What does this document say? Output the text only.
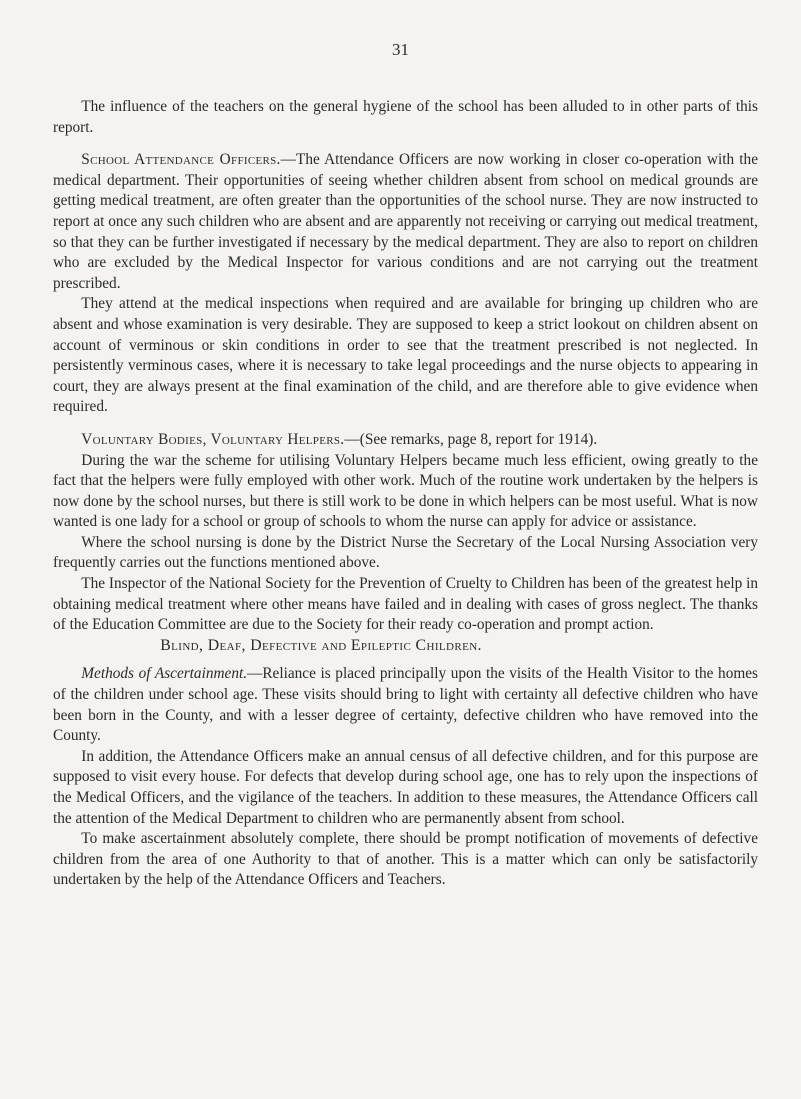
31

The influence of the teachers on the general hygiene of the school has been alluded to in other parts of this report.

School Attendance Officers.—The Attendance Officers are now working in closer co-operation with the medical department. Their opportunities of seeing whether children absent from school on medical grounds are getting medical treatment, are often greater than the opportunities of the school nurse. They are now instructed to report at once any such children who are absent and are apparently not receiving or carrying out medical treatment, so that they can be further investigated if necessary by the medical department. They are also to report on children who are excluded by the Medical Inspector for various conditions and are not carrying out the treatment prescribed.

They attend at the medical inspections when required and are available for bringing up children who are absent and whose examination is very desirable. They are supposed to keep a strict lookout on children absent on account of verminous or skin conditions in order to see that the treatment prescribed is not neglected. In persistently verminous cases, where it is necessary to take legal proceedings and the nurse objects to appearing in court, they are always present at the final examination of the child, and are therefore able to give evidence when required.

Voluntary Bodies, Voluntary Helpers.—(See remarks, page 8, report for 1914).

During the war the scheme for utilising Voluntary Helpers became much less efficient, owing greatly to the fact that the helpers were fully employed with other work. Much of the routine work undertaken by the helpers is now done by the school nurses, but there is still work to be done in which helpers can be most useful. What is now wanted is one lady for a school or group of schools to whom the nurse can apply for advice or assistance.

Where the school nursing is done by the District Nurse the Secretary of the Local Nursing Association very frequently carries out the functions mentioned above.

The Inspector of the National Society for the Prevention of Cruelty to Children has been of the greatest help in obtaining medical treatment where other means have failed and in dealing with cases of gross neglect. The thanks of the Education Committee are due to the Society for their ready co-operation and prompt action.

Blind, Deaf, Defective and Epileptic Children.

Methods of Ascertainment.—Reliance is placed principally upon the visits of the Health Visitor to the homes of the children under school age. These visits should bring to light with certainty all defective children who have been born in the County, and with a lesser degree of certainty, defective children who have removed into the County.

In addition, the Attendance Officers make an annual census of all defective children, and for this purpose are supposed to visit every house. For defects that develop during school age, one has to rely upon the inspections of the Medical Officers, and the vigilance of the teachers. In addition to these measures, the Attendance Officers call the attention of the Medical Department to children who are permanently absent from school.

To make ascertainment absolutely complete, there should be prompt notification of movements of defective children from the area of one Authority to that of another. This is a matter which can only be satisfactorily undertaken by the help of the Attendance Officers and Teachers.
